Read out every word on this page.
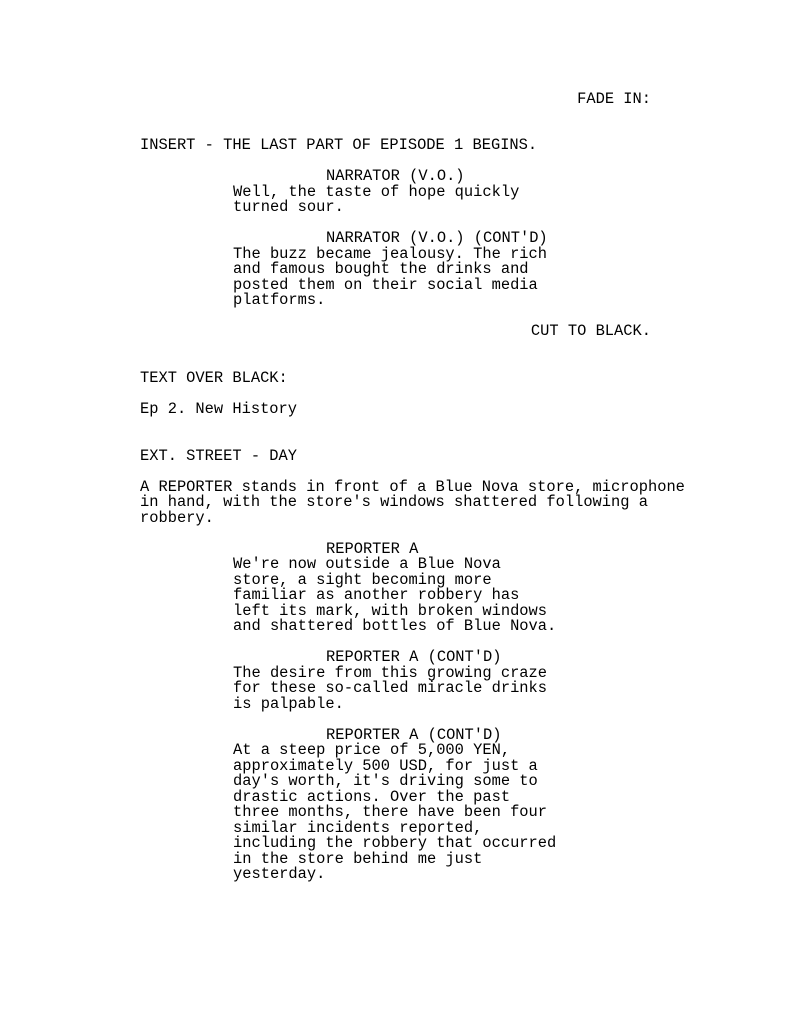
FADE IN:
INSERT - THE LAST PART OF EPISODE 1 BEGINS.
NARRATOR (V.O.)
Well, the taste of hope quickly
turned sour.
NARRATOR (V.O.) (CONT'D)
The buzz became jealousy. The rich
and famous bought the drinks and
posted them on their social media
platforms.
CUT TO BLACK.
TEXT OVER BLACK:
Ep 2. New History
EXT. STREET - DAY
A REPORTER stands in front of a Blue Nova store, microphone
in hand, with the store's windows shattered following a
robbery.
REPORTER A
We're now outside a Blue Nova
store, a sight becoming more
familiar as another robbery has
left its mark, with broken windows
and shattered bottles of Blue Nova.
REPORTER A (CONT'D)
The desire from this growing craze
for these so-called miracle drinks
is palpable.
REPORTER A (CONT'D)
At a steep price of 5,000 YEN,
approximately 500 USD, for just a
day's worth, it's driving some to
drastic actions. Over the past
three months, there have been four
similar incidents reported,
including the robbery that occurred
in the store behind me just
yesterday.
